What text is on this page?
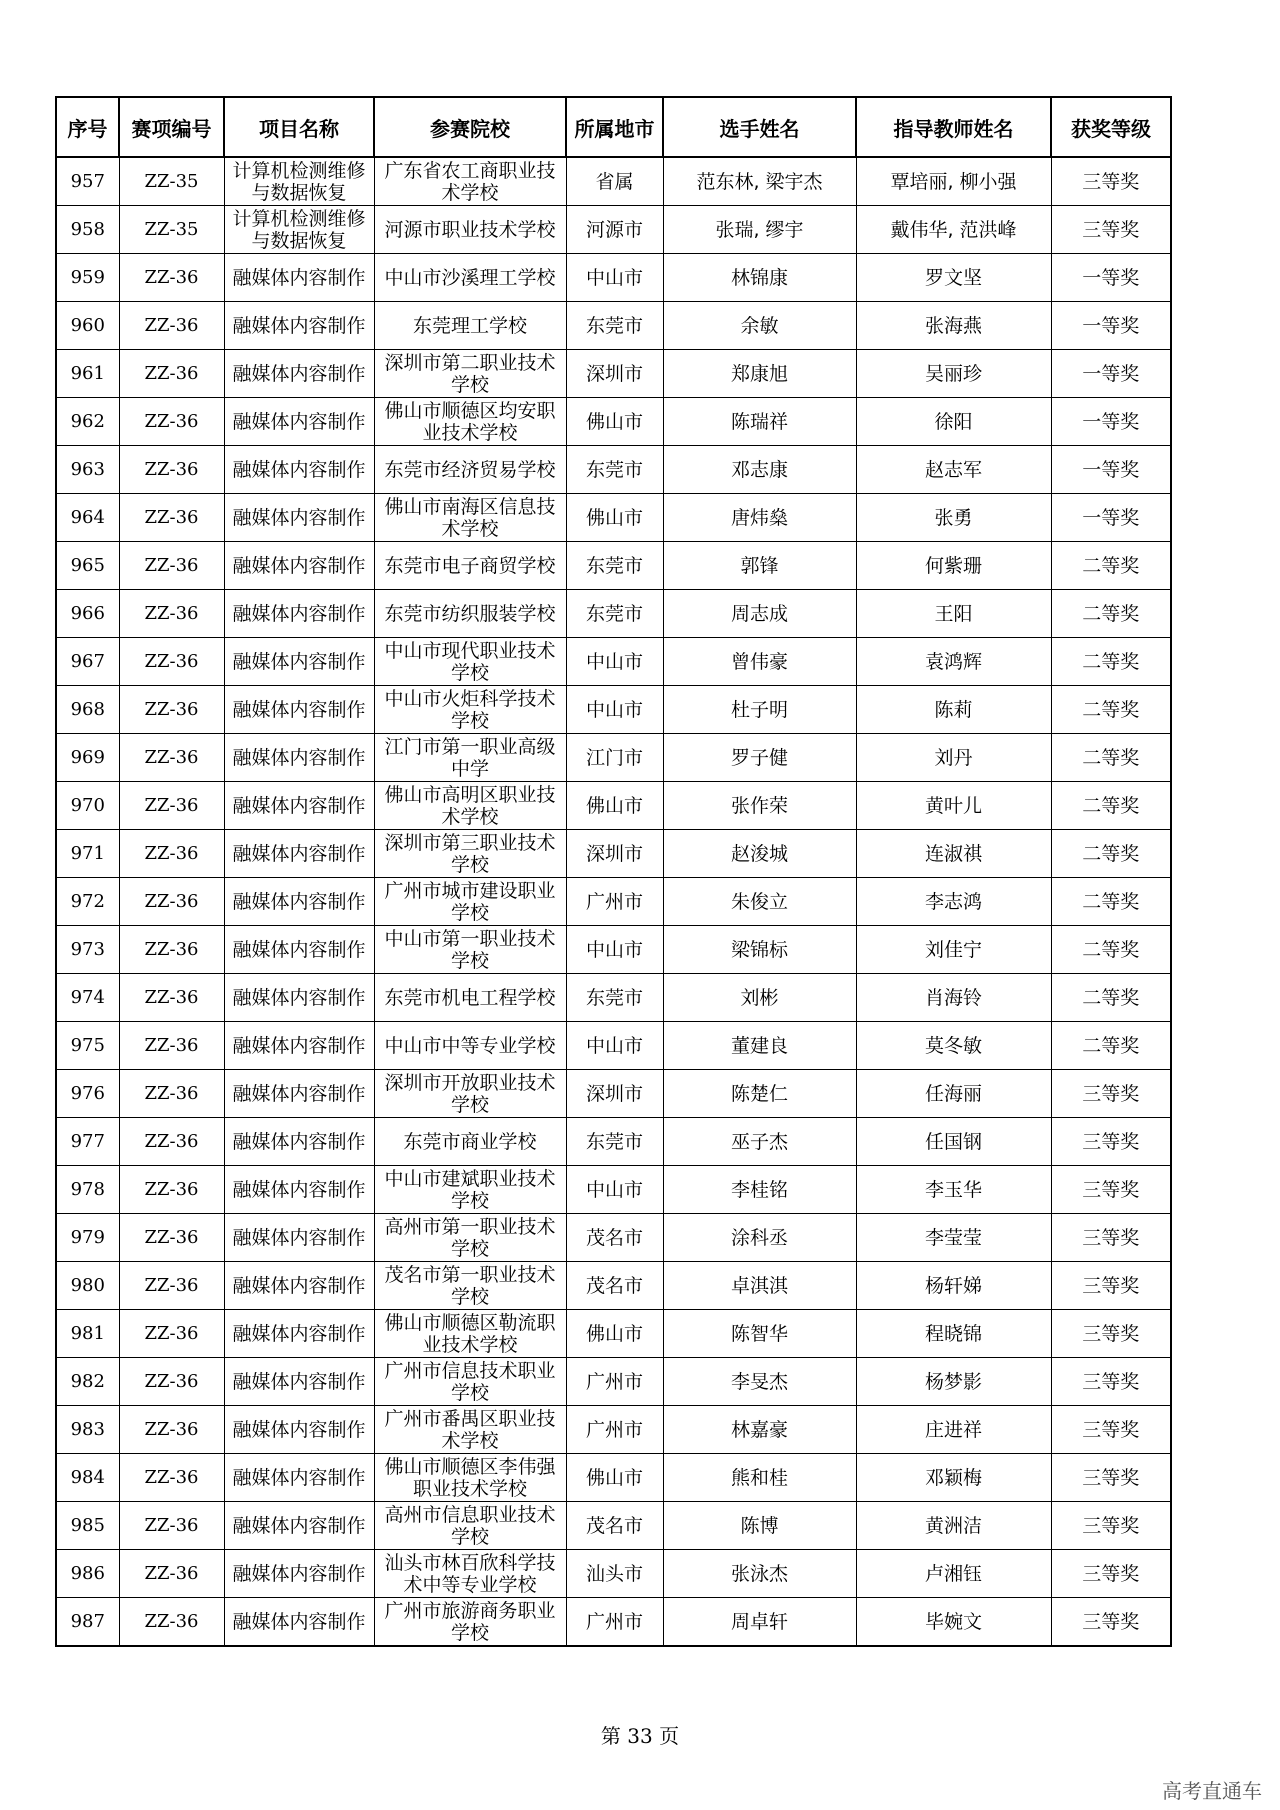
序号	赛项编号	项目名称	参赛院校	所属地市	选手姓名	指导教师姓名	获奖等级
957	ZZ-35	计算机检测维修与数据恢复	广东省农工商职业技术学校	省属	范东林, 梁宇杰	覃培丽, 柳小强	三等奖
958	ZZ-35	计算机检测维修与数据恢复	河源市职业技术学校	河源市	张瑞, 缪宇	戴伟华, 范洪峰	三等奖
959	ZZ-36	融媒体内容制作	中山市沙溪理工学校	中山市	林锦康	罗文坚	一等奖
960	ZZ-36	融媒体内容制作	东莞理工学校	东莞市	余敏	张海燕	一等奖
961	ZZ-36	融媒体内容制作	深圳市第二职业技术学校	深圳市	郑康旭	吴丽珍	一等奖
962	ZZ-36	融媒体内容制作	佛山市顺德区均安职业技术学校	佛山市	陈瑞祥	徐阳	一等奖
963	ZZ-36	融媒体内容制作	东莞市经济贸易学校	东莞市	邓志康	赵志军	一等奖
964	ZZ-36	融媒体内容制作	佛山市南海区信息技术学校	佛山市	唐炜燊	张勇	一等奖
965	ZZ-36	融媒体内容制作	东莞市电子商贸学校	东莞市	郭锋	何紫珊	二等奖
966	ZZ-36	融媒体内容制作	东莞市纺织服装学校	东莞市	周志成	王阳	二等奖
967	ZZ-36	融媒体内容制作	中山市现代职业技术学校	中山市	曾伟豪	袁鸿辉	二等奖
968	ZZ-36	融媒体内容制作	中山市火炬科学技术学校	中山市	杜子明	陈莉	二等奖
969	ZZ-36	融媒体内容制作	江门市第一职业高级中学	江门市	罗子健	刘丹	二等奖
970	ZZ-36	融媒体内容制作	佛山市高明区职业技术学校	佛山市	张作荣	黄叶儿	二等奖
971	ZZ-36	融媒体内容制作	深圳市第三职业技术学校	深圳市	赵浚城	连淑祺	二等奖
972	ZZ-36	融媒体内容制作	广州市城市建设职业学校	广州市	朱俊立	李志鸿	二等奖
973	ZZ-36	融媒体内容制作	中山市第一职业技术学校	中山市	梁锦标	刘佳宁	二等奖
974	ZZ-36	融媒体内容制作	东莞市机电工程学校	东莞市	刘彬	肖海铃	二等奖
975	ZZ-36	融媒体内容制作	中山市中等专业学校	中山市	董建良	莫冬敏	二等奖
976	ZZ-36	融媒体内容制作	深圳市开放职业技术学校	深圳市	陈楚仁	任海丽	三等奖
977	ZZ-36	融媒体内容制作	东莞市商业学校	东莞市	巫子杰	任国钢	三等奖
978	ZZ-36	融媒体内容制作	中山市建斌职业技术学校	中山市	李桂铭	李玉华	三等奖
979	ZZ-36	融媒体内容制作	高州市第一职业技术学校	茂名市	涂科丞	李莹莹	三等奖
980	ZZ-36	融媒体内容制作	茂名市第一职业技术学校	茂名市	卓淇淇	杨轩娣	三等奖
981	ZZ-36	融媒体内容制作	佛山市顺德区勒流职业技术学校	佛山市	陈智华	程晓锦	三等奖
982	ZZ-36	融媒体内容制作	广州市信息技术职业学校	广州市	李旻杰	杨梦影	三等奖
983	ZZ-36	融媒体内容制作	广州市番禺区职业技术学校	广州市	林嘉豪	庄进祥	三等奖
984	ZZ-36	融媒体内容制作	佛山市顺德区李伟强职业技术学校	佛山市	熊和桂	邓颖梅	三等奖
985	ZZ-36	融媒体内容制作	高州市信息职业技术学校	茂名市	陈博	黄洲洁	三等奖
986	ZZ-36	融媒体内容制作	汕头市林百欣科学技术中等专业学校	汕头市	张泳杰	卢湘钰	三等奖
987	ZZ-36	融媒体内容制作	广州市旅游商务职业学校	广州市	周卓轩	毕婉文	三等奖
第 33 页
高考直通车
